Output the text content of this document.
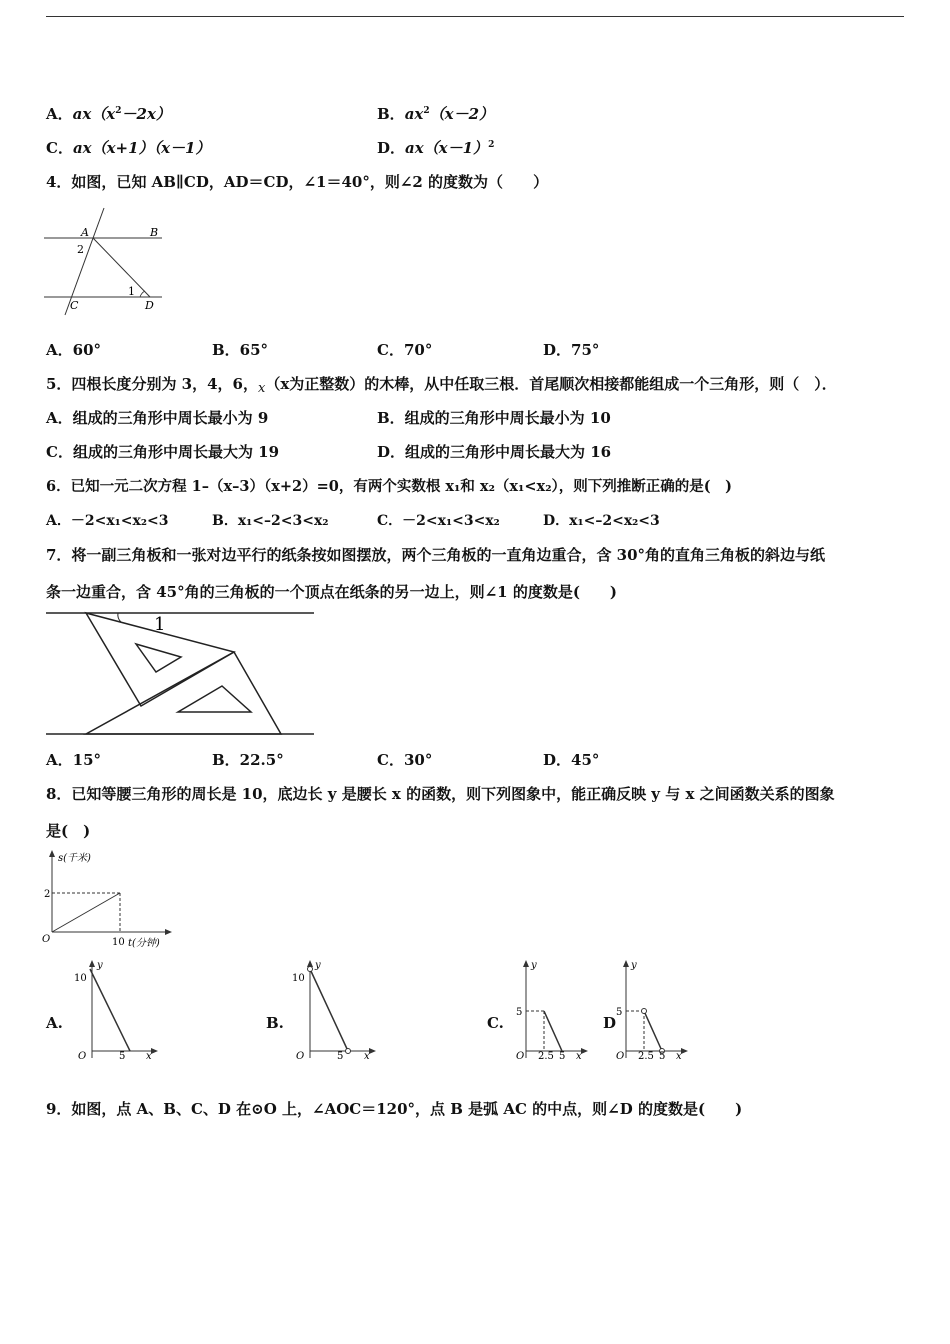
A．$ax(x^2-2x)$	B．$ax^2(x-2)$
C．ax（x+1）（x－1）	D．$ax(x-1)^2$
4．如图，已知 AB∥CD，AD＝CD，∠1＝40°，则∠2 的度数为（　　）
A	B
2
1
C	D
A．60°	B．65°	C．70°	D．75°
5．四根长度分别为 3，4，6，x（x为正整数）的木棒，从中任取三根．首尾顺次相接都能组成一个三角形，则（　）．
A．组成的三角形中周长最小为 9	B．组成的三角形中周长最小为 10
C．组成的三角形中周长最大为 19	D．组成的三角形中周长最大为 16
6．已知一元二次方程 1–（x–3）（x+2）=0，有两个实数根 x₁和 x₂（x₁<x₂），则下列推断正确的是(　)
A．－2<x₁<x₂<3	B．x₁<–2<3<x₂	C．－2<x₁<3<x₂	D．x₁<–2<x₂<3
7．将一副三角板和一张对边平行的纸条按如图摆放，两个三角板的一直角边重合，含 30°角的直角三角板的斜边与纸
条一边重合，含 45°角的三角板的一个顶点在纸条的另一边上，则∠1 的度数是(　　)
1
A．15°	B．22.5°	C．30°	D．45°
8．已知等腰三角形的周长是 10，底边长 y 是腰长 x 的函数，则下列图象中，能正确反映 y 与 x 之间函数关系的图象
是(　)
s(千米)
2
O	10 t(分钟)
A.
y
10
O	5 x
B.
y
10
O	5 x
C.
y
5
O 2.5 5 x
D
y
5
O 2.5 5 x
9．如图，点 A、B、C、D 在⊙O 上，∠AOC＝120°，点 B 是弧 AC 的中点，则∠D 的度数是(　　)
